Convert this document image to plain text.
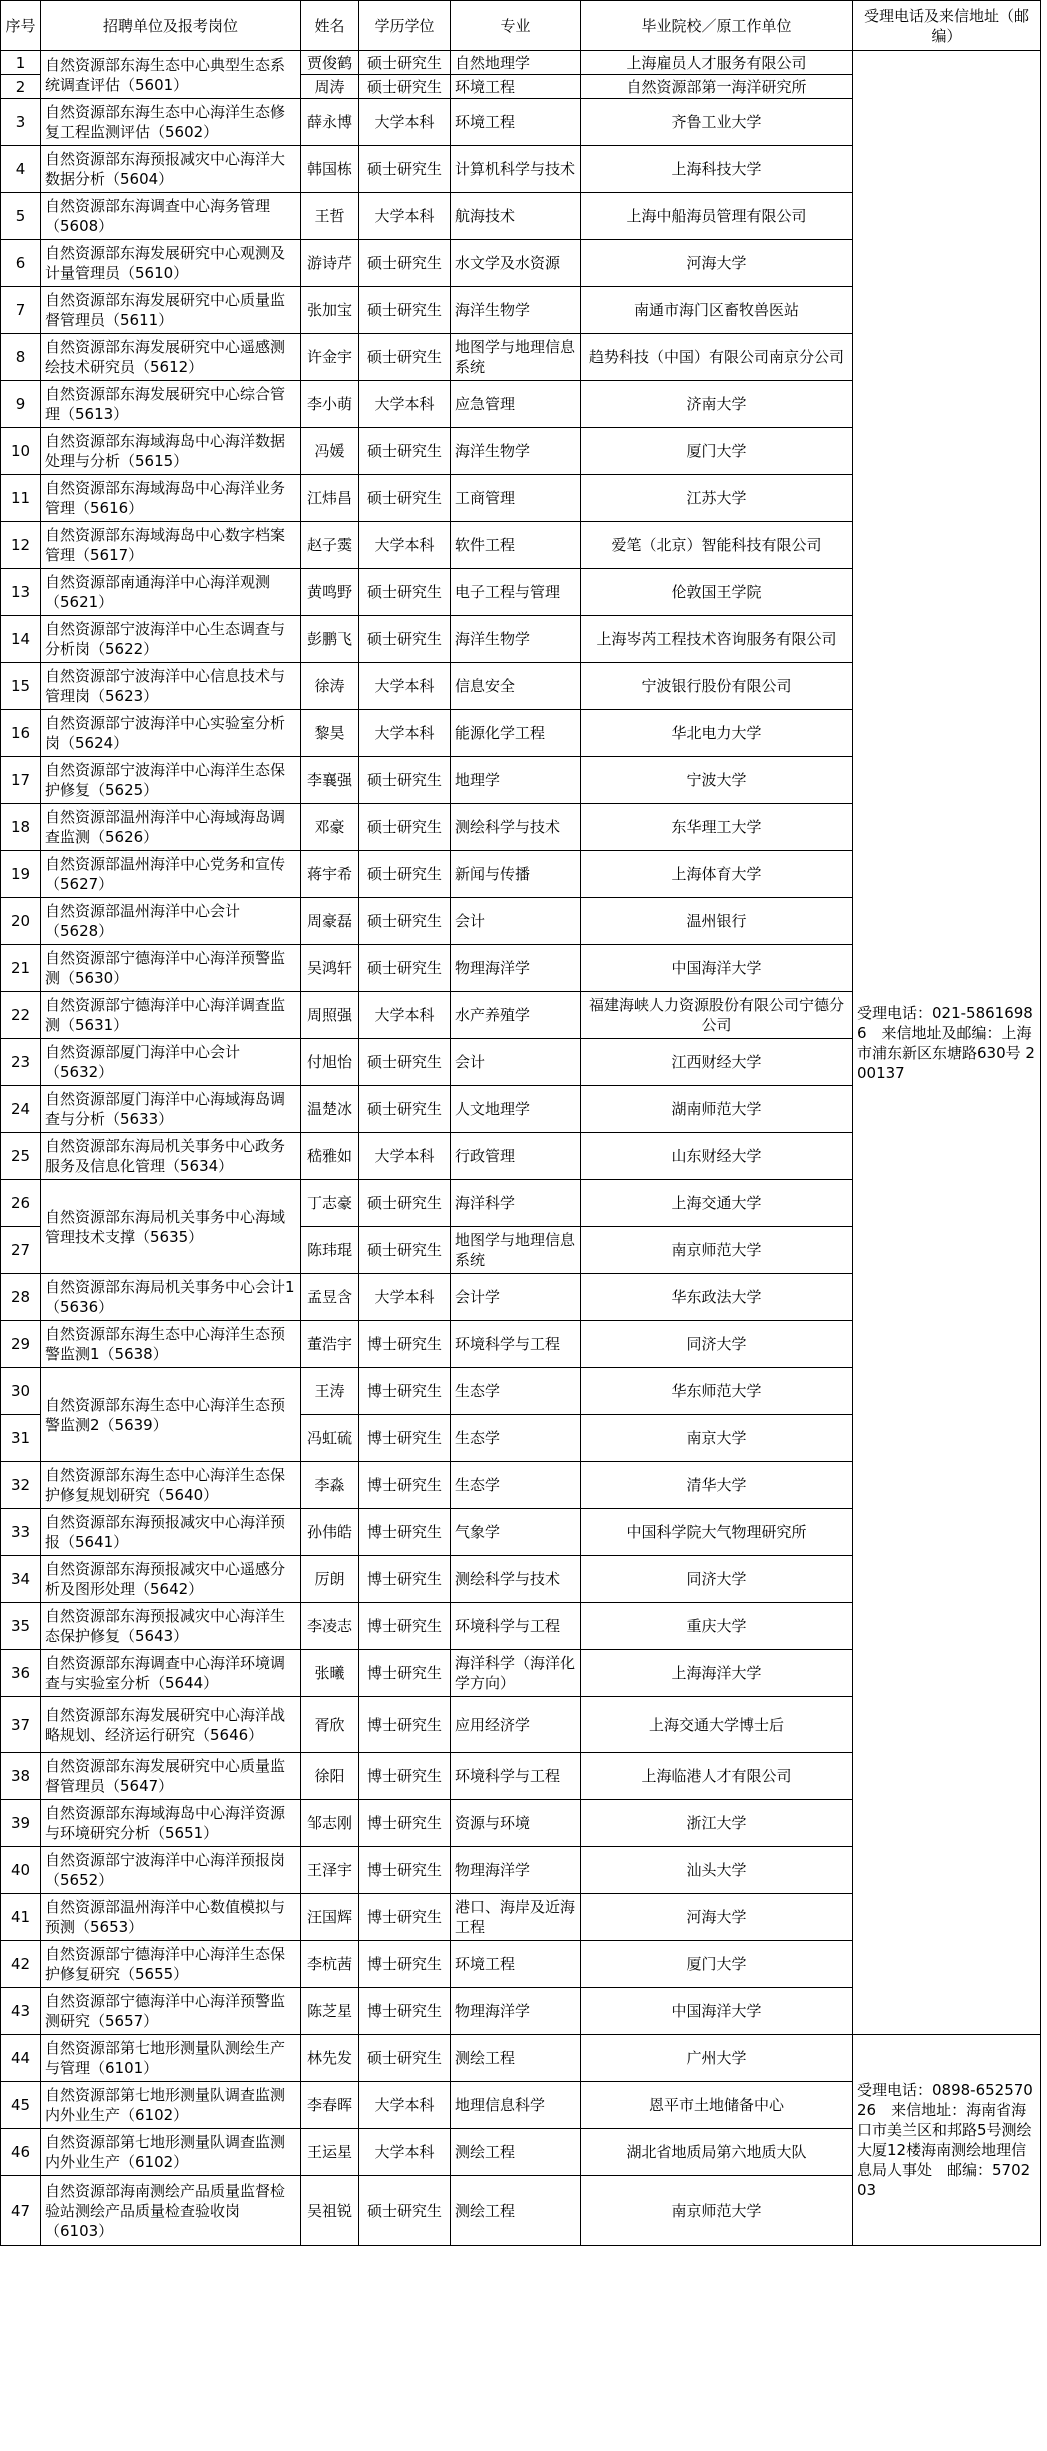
序号	招聘单位及报考岗位	姓名	学历学位	专业	毕业院校／原工作单位	受理电话及来信地址（邮编）
1	自然资源部东海生态中心典型生态系统调查评估（5601）	贾俊鹤	硕士研究生	自然地理学	上海雇员人才服务有限公司	受理电话：021-58616986　来信地址及邮编：上海市浦东新区东塘路630号 200137
2		周涛	硕士研究生	环境工程	自然资源部第一海洋研究所	
3	自然资源部东海生态中心海洋生态修复工程监测评估（5602）	薛永博	大学本科	环境工程	齐鲁工业大学	
4	自然资源部东海预报减灾中心海洋大数据分析（5604）	韩国栋	硕士研究生	计算机科学与技术	上海科技大学	
5	自然资源部东海调查中心海务管理（5608）	王哲	大学本科	航海技术	上海中船海员管理有限公司	
6	自然资源部东海发展研究中心观测及计量管理员（5610）	游诗芹	硕士研究生	水文学及水资源	河海大学	
7	自然资源部东海发展研究中心质量监督管理员（5611）	张加宝	硕士研究生	海洋生物学	南通市海门区畜牧兽医站	
8	自然资源部东海发展研究中心遥感测绘技术研究员（5612）	许金宇	硕士研究生	地图学与地理信息系统	趋势科技（中国）有限公司南京分公司	
9	自然资源部东海发展研究中心综合管理（5613）	李小萌	大学本科	应急管理	济南大学	
10	自然资源部东海域海岛中心海洋数据处理与分析（5615）	冯媛	硕士研究生	海洋生物学	厦门大学	
11	自然资源部东海域海岛中心海洋业务管理（5616）	江炜昌	硕士研究生	工商管理	江苏大学	
12	自然资源部东海域海岛中心数字档案管理（5617）	赵子霙	大学本科	软件工程	爱笔（北京）智能科技有限公司	
13	自然资源部南通海洋中心海洋观测（5621）	黄鸣野	硕士研究生	电子工程与管理	伦敦国王学院	
14	自然资源部宁波海洋中心生态调查与分析岗（5622）	彭鹏飞	硕士研究生	海洋生物学	上海岑芮工程技术咨询服务有限公司	
15	自然资源部宁波海洋中心信息技术与管理岗（5623）	徐涛	大学本科	信息安全	宁波银行股份有限公司	
16	自然资源部宁波海洋中心实验室分析岗（5624）	黎昊	大学本科	能源化学工程	华北电力大学	
17	自然资源部宁波海洋中心海洋生态保护修复（5625）	李襄强	硕士研究生	地理学	宁波大学	
18	自然资源部温州海洋中心海域海岛调查监测（5626）	邓豪	硕士研究生	测绘科学与技术	东华理工大学	
19	自然资源部温州海洋中心党务和宣传（5627）	蒋宇希	硕士研究生	新闻与传播	上海体育大学	
20	自然资源部温州海洋中心会计（5628）	周豪磊	硕士研究生	会计	温州银行	
21	自然资源部宁德海洋中心海洋预警监测（5630）	吴鸿轩	硕士研究生	物理海洋学	中国海洋大学	
22	自然资源部宁德海洋中心海洋调查监测（5631）	周照强	大学本科	水产养殖学	福建海峡人力资源股份有限公司宁德分公司	
23	自然资源部厦门海洋中心会计（5632）	付旭怡	硕士研究生	会计	江西财经大学	
24	自然资源部厦门海洋中心海域海岛调查与分析（5633）	温楚冰	硕士研究生	人文地理学	湖南师范大学	
25	自然资源部东海局机关事务中心政务服务及信息化管理（5634）	嵇雅如	大学本科	行政管理	山东财经大学	
26	自然资源部东海局机关事务中心海域管理技术支撑（5635）	丁志豪	硕士研究生	海洋科学	上海交通大学	
27		陈玮琨	硕士研究生	地图学与地理信息系统	南京师范大学	
28	自然资源部东海局机关事务中心会计1（5636）	孟昱含	大学本科	会计学	华东政法大学	
29	自然资源部东海生态中心海洋生态预警监测1（5638）	董浩宇	博士研究生	环境科学与工程	同济大学	
30	自然资源部东海生态中心海洋生态预警监测2（5639）	王涛	博士研究生	生态学	华东师范大学	
31		冯虹硫	博士研究生	生态学	南京大学	
32	自然资源部东海生态中心海洋生态保护修复规划研究（5640）	李淼	博士研究生	生态学	清华大学	
33	自然资源部东海预报减灾中心海洋预报（5641）	孙伟皓	博士研究生	气象学	中国科学院大气物理研究所	
34	自然资源部东海预报减灾中心遥感分析及图形处理（5642）	厉朗	博士研究生	测绘科学与技术	同济大学	
35	自然资源部东海预报减灾中心海洋生态保护修复（5643）	李凌志	博士研究生	环境科学与工程	重庆大学	
36	自然资源部东海调查中心海洋环境调查与实验室分析（5644）	张曦	博士研究生	海洋科学（海洋化学方向）	上海海洋大学	
37	自然资源部东海发展研究中心海洋战略规划、经济运行研究（5646）	胥欣	博士研究生	应用经济学	上海交通大学博士后	
38	自然资源部东海发展研究中心质量监督管理员（5647）	徐阳	博士研究生	环境科学与工程	上海临港人才有限公司	
39	自然资源部东海域海岛中心海洋资源与环境研究分析（5651）	邹志刚	博士研究生	资源与环境	浙江大学	
40	自然资源部宁波海洋中心海洋预报岗（5652）	王泽宇	博士研究生	物理海洋学	汕头大学	
41	自然资源部温州海洋中心数值模拟与预测（5653）	汪国辉	博士研究生	港口、海岸及近海工程	河海大学	
42	自然资源部宁德海洋中心海洋生态保护修复研究（5655）	李杭茜	博士研究生	环境工程	厦门大学	
43	自然资源部宁德海洋中心海洋预警监测研究（5657）	陈芝星	博士研究生	物理海洋学	中国海洋大学	
44	自然资源部第七地形测量队测绘生产与管理（6101）	林先发	硕士研究生	测绘工程	广州大学	受理电话：0898-65257026　来信地址：海南省海口市美兰区和邦路5号测绘大厦12楼海南测绘地理信息局人事处　邮编：570203
45	自然资源部第七地形测量队调查监测内外业生产（6102）	李春晖	大学本科	地理信息科学	恩平市土地储备中心	
46	自然资源部第七地形测量队调查监测内外业生产（6102）	王运星	大学本科	测绘工程	湖北省地质局第六地质大队	
47	自然资源部海南测绘产品质量监督检验站测绘产品质量检查验收岗（6103）	吴祖锐	硕士研究生	测绘工程	南京师范大学	
